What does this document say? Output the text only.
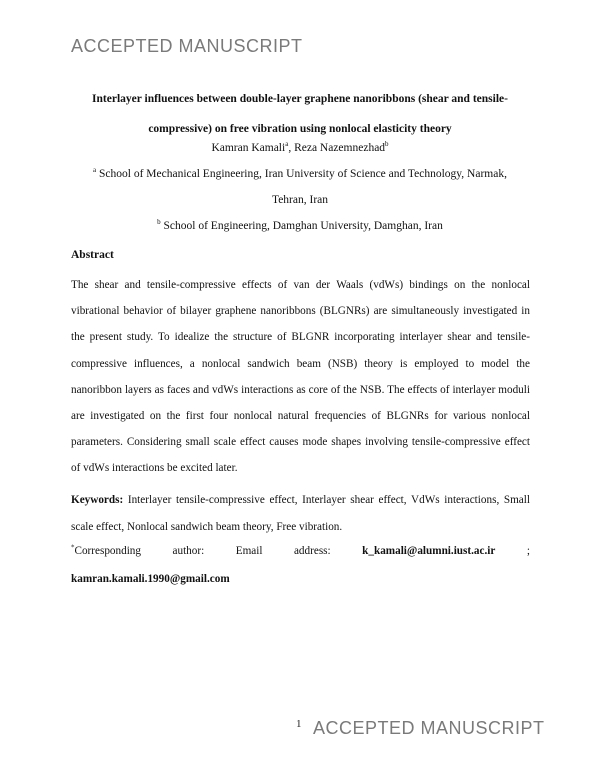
ACCEPTED MANUSCRIPT
Interlayer influences between double-layer graphene nanoribbons (shear and tensile-compressive) on free vibration using nonlocal elasticity theory
Kamran Kamali$^a$, Reza Nazemnezhad$^b$
$^a$ School of Mechanical Engineering, Iran University of Science and Technology, Narmak,
Tehran, Iran
$^b$ School of Engineering, Damghan University, Damghan, Iran
Abstract
The shear and tensile-compressive effects of van der Waals (vdWs) bindings on the nonlocal vibrational behavior of bilayer graphene nanoribbons (BLGNRs) are simultaneously investigated in the present study. To idealize the structure of BLGNR incorporating interlayer shear and tensile-compressive influences, a nonlocal sandwich beam (NSB) theory is employed to model the nanoribbon layers as faces and vdWs interactions as core of the NSB. The effects of interlayer moduli are investigated on the first four nonlocal natural frequencies of BLGNRs for various nonlocal parameters. Considering small scale effect causes mode shapes involving tensile-compressive effect of vdWs interactions be excited later.
Keywords: Interlayer tensile-compressive effect, Interlayer shear effect, VdWs interactions, Small scale effect, Nonlocal sandwich beam theory, Free vibration.
*Corresponding	author:	Email	address:	k_kamali@alumni.iust.ac.ir	;
kamran.kamali.1990@gmail.com
1 ACCEPTED MANUSCRIPT
